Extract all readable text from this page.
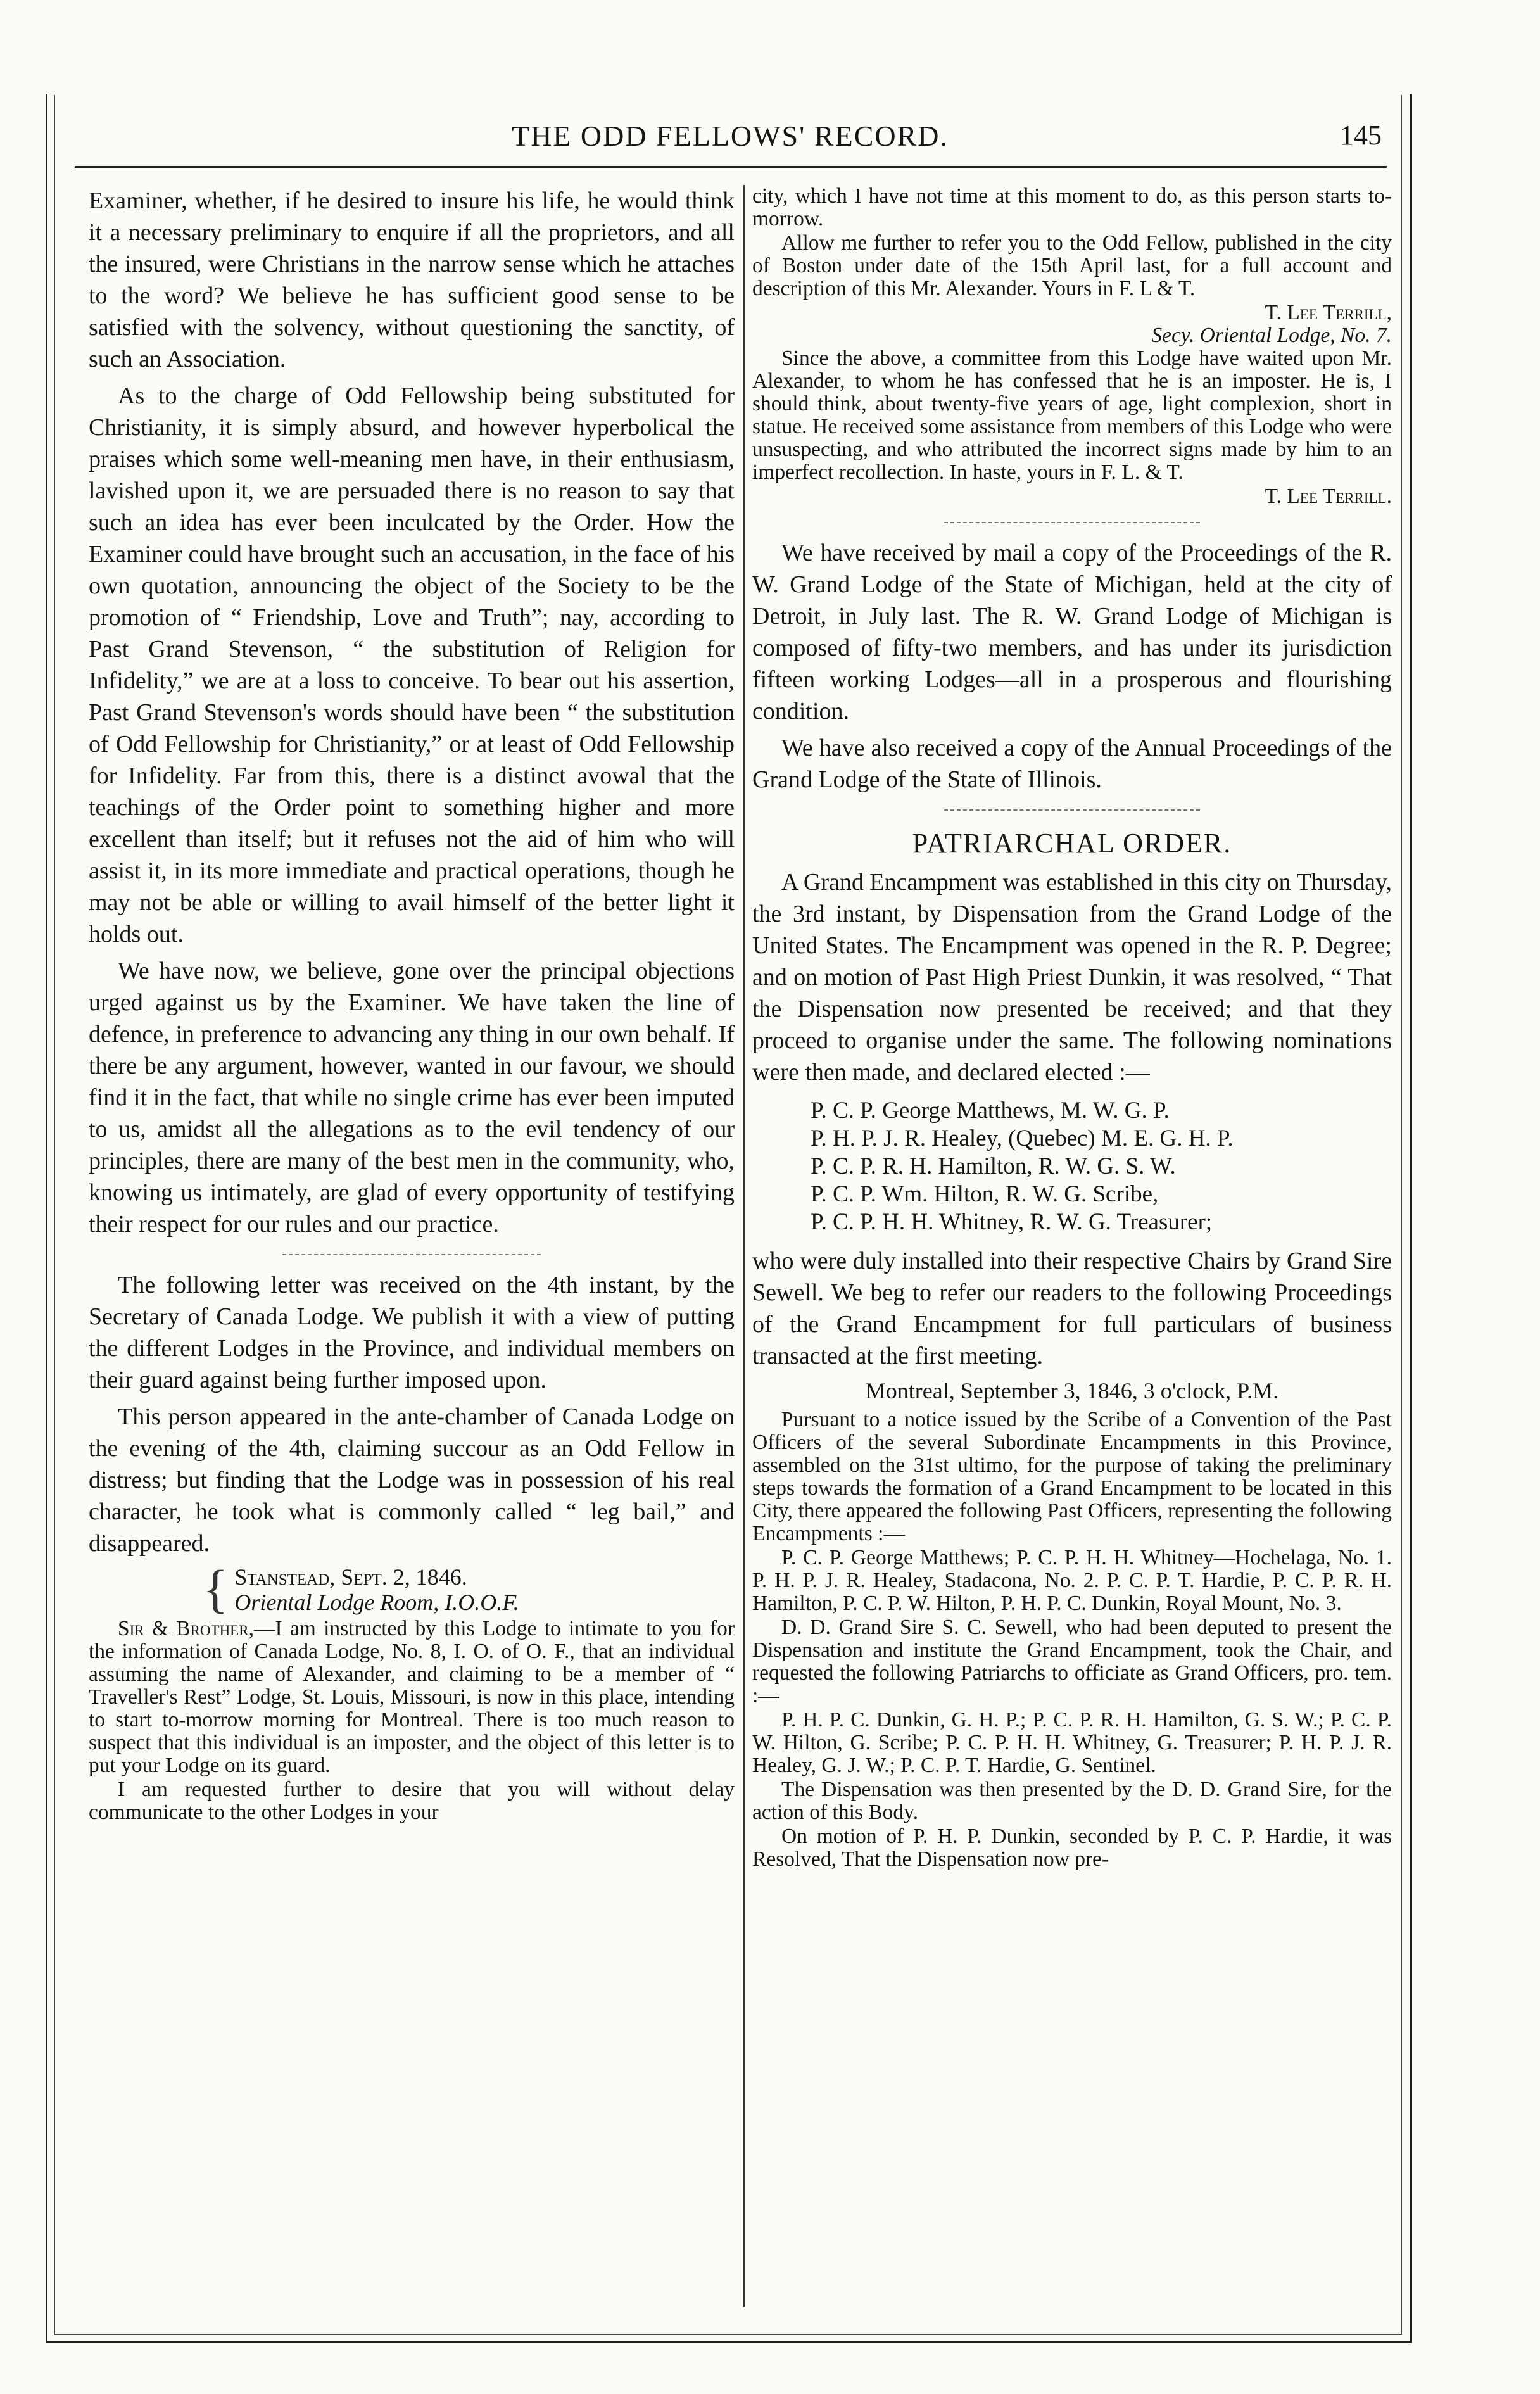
THE ODD FELLOWS' RECORD.	145

Examiner, whether, if he desired to insure his life, he would think it a necessary preliminary to enquire if all the proprietors, and all the insured, were Christians in the narrow sense which he attaches to the word? We believe he has sufficient good sense to be satisfied with the solvency, without questioning the sanctity, of such an Association.

As to the charge of Odd Fellowship being substituted for Christianity, it is simply absurd, and however hyperbolical the praises which some well-meaning men have, in their enthusiasm, lavished upon it, we are persuaded there is no reason to say that such an idea has ever been inculcated by the Order. How the Examiner could have brought such an accusation, in the face of his own quotation, announcing the object of the Society to be the promotion of “ Friendship, Love and Truth”; nay, according to Past Grand Stevenson, “ the substitution of Religion for Infidelity,” we are at a loss to conceive. To bear out his assertion, Past Grand Stevenson's words should have been “ the substitution of Odd Fellowship for Christianity,” or at least of Odd Fellowship for Infidelity. Far from this, there is a distinct avowal that the teachings of the Order point to something higher and more excellent than itself; but it refuses not the aid of him who will assist it, in its more immediate and practical operations, though he may not be able or willing to avail himself of the better light it holds out.

We have now, we believe, gone over the principal objections urged against us by the Examiner. We have taken the line of defence, in preference to advancing any thing in our own behalf. If there be any argument, however, wanted in our favour, we should find it in the fact, that while no single crime has ever been imputed to us, amidst all the allegations as to the evil tendency of our principles, there are many of the best men in the community, who, knowing us intimately, are glad of every opportunity of testifying their respect for our rules and our practice.

The following letter was received on the 4th instant, by the Secretary of Canada Lodge. We publish it with a view of putting the different Lodges in the Province, and individual members on their guard against being further imposed upon.

This person appeared in the ante-chamber of Canada Lodge on the evening of the 4th, claiming succour as an Odd Fellow in distress; but finding that the Lodge was in possession of his real character, he took what is commonly called “ leg bail,” and disappeared.

{ Stanstead, Sept. 2, 1846.
Oriental Lodge Room, I.O.O.F.

Sir & Brother,—I am instructed by this Lodge to intimate to you for the information of Canada Lodge, No. 8, I. O. of O. F., that an individual assuming the name of Alexander, and claiming to be a member of “ Traveller's Rest” Lodge, St. Louis, Missouri, is now in this place, intending to start to-morrow morning for Montreal. There is too much reason to suspect that this individual is an imposter, and the object of this letter is to put your Lodge on its guard.

I am requested further to desire that you will without delay communicate to the other Lodges in your

city, which I have not time at this moment to do, as this person starts to-morrow.

Allow me further to refer you to the Odd Fellow, published in the city of Boston under date of the 15th April last, for a full account and description of this Mr. Alexander. Yours in F. L & T.

T. Lee Terrill,
Secy. Oriental Lodge, No. 7.

Since the above, a committee from this Lodge have waited upon Mr. Alexander, to whom he has confessed that he is an imposter. He is, I should think, about twenty-five years of age, light complexion, short in statue. He received some assistance from members of this Lodge who were unsuspecting, and who attributed the incorrect signs made by him to an imperfect recollection. In haste, yours in F. L. & T.

T. Lee Terrill.

We have received by mail a copy of the Proceedings of the R. W. Grand Lodge of the State of Michigan, held at the city of Detroit, in July last. The R. W. Grand Lodge of Michigan is composed of fifty-two members, and has under its jurisdiction fifteen working Lodges—all in a prosperous and flourishing condition.

We have also received a copy of the Annual Proceedings of the Grand Lodge of the State of Illinois.

PATRIARCHAL ORDER.

A Grand Encampment was established in this city on Thursday, the 3rd instant, by Dispensation from the Grand Lodge of the United States. The Encampment was opened in the R. P. Degree; and on motion of Past High Priest Dunkin, it was resolved, “ That the Dispensation now presented be received; and that they proceed to organise under the same. The following nominations were then made, and declared elected :—

P. C. P. George Matthews, M. W. G. P.
P. H. P. J. R. Healey, (Quebec) M. E. G. H. P.
P. C. P. R. H. Hamilton, R. W. G. S. W.
P. C. P. Wm. Hilton, R. W. G. Scribe,
P. C. P. H. H. Whitney, R. W. G. Treasurer;

who were duly installed into their respective Chairs by Grand Sire Sewell. We beg to refer our readers to the following Proceedings of the Grand Encampment for full particulars of business transacted at the first meeting.

Montreal, September 3, 1846, 3 o'clock, P.M.

Pursuant to a notice issued by the Scribe of a Convention of the Past Officers of the several Subordinate Encampments in this Province, assembled on the 31st ultimo, for the purpose of taking the preliminary steps towards the formation of a Grand Encampment to be located in this City, there appeared the following Past Officers, representing the following Encampments :—

P. C. P. George Matthews; P. C. P. H. H. Whitney—Hochelaga, No. 1. P. H. P. J. R. Healey, Stadacona, No. 2. P. C. P. T. Hardie, P. C. P. R. H. Hamilton, P. C. P. W. Hilton, P. H. P. C. Dunkin, Royal Mount, No. 3.

D. D. Grand Sire S. C. Sewell, who had been deputed to present the Dispensation and institute the Grand Encampment, took the Chair, and requested the following Patriarchs to officiate as Grand Officers, pro. tem. :—

P. H. P. C. Dunkin, G. H. P.; P. C. P. R. H. Hamilton, G. S. W.; P. C. P. W. Hilton, G. Scribe; P. C. P. H. H. Whitney, G. Treasurer; P. H. P. J. R. Healey, G. J. W.; P. C. P. T. Hardie, G. Sentinel.

The Dispensation was then presented by the D. D. Grand Sire, for the action of this Body.

On motion of P. H. P. Dunkin, seconded by P. C. P. Hardie, it was Resolved, That the Dispensation now pre-
